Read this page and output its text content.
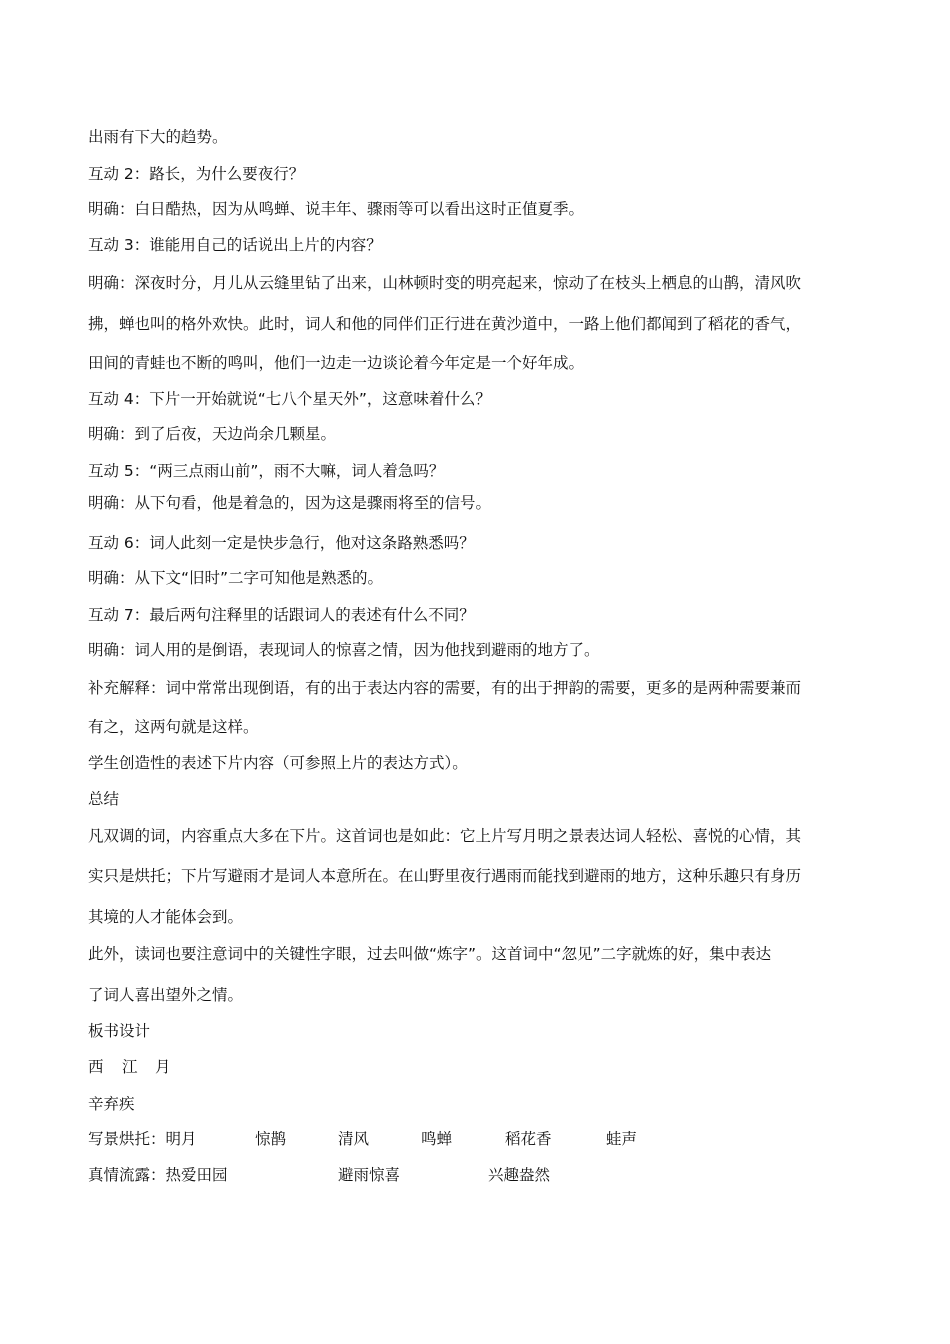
出雨有下大的趋势。
互动 2：路长，为什么要夜行？
明确：白日酷热，因为从鸣蝉、说丰年、骤雨等可以看出这时正值夏季。
互动 3：谁能用自己的话说出上片的内容？
明确：深夜时分，月儿从云缝里钻了出来，山林顿时变的明亮起来，惊动了在枝头上栖息的山鹊，清风吹
拂，蝉也叫的格外欢快。此时，词人和他的同伴们正行进在黄沙道中，一路上他们都闻到了稻花的香气，
田间的青蛙也不断的鸣叫，他们一边走一边谈论着今年定是一个好年成。
互动 4：下片一开始就说“七八个星天外”，这意味着什么？
明确：到了后夜，天边尚余几颗星。
互动 5：“两三点雨山前”，雨不大嘛，词人着急吗？
明确：从下句看，他是着急的，因为这是骤雨将至的信号。
互动 6：词人此刻一定是快步急行，他对这条路熟悉吗？
明确：从下文“旧时”二字可知他是熟悉的。
互动 7：最后两句注释里的话跟词人的表述有什么不同？
明确：词人用的是倒语，表现词人的惊喜之情，因为他找到避雨的地方了。
补充解释：词中常常出现倒语，有的出于表达内容的需要，有的出于押韵的需要，更多的是两种需要兼而
有之，这两句就是这样。
学生创造性的表述下片内容（可参照上片的表达方式）。
总结
凡双调的词，内容重点大多在下片。这首词也是如此：它上片写月明之景表达词人轻松、喜悦的心情，其
实只是烘托；下片写避雨才是词人本意所在。在山野里夜行遇雨而能找到避雨的地方，这种乐趣只有身历
其境的人才能体会到。
此外，读词也要注意词中的关键性字眼，过去叫做“炼字”。这首词中“忽见”二字就炼的好，集中表达
了词人喜出望外之情。
板书设计
西 江 月
辛弃疾
写景烘托：明月	惊鹊	清风	鸣蝉	稻花香	蛙声
真情流露：热爱田园	避雨惊喜	兴趣盎然
